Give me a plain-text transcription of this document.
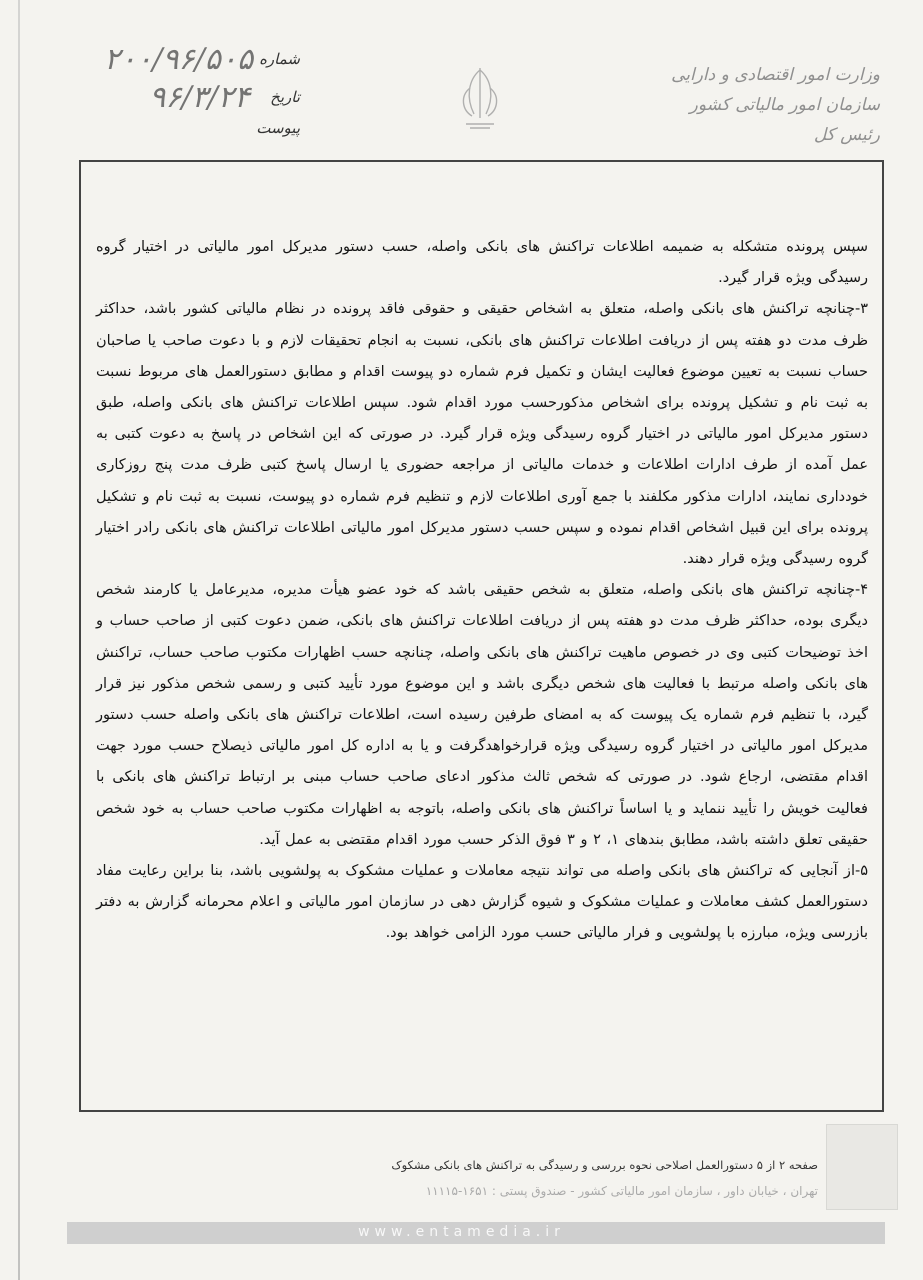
شماره
۲۰۰/۹۶/۵۰۵
تاریخ
۹۶/۳/۲۴
پیوست
وزارت امور اقتصادی و دارایی
سازمان امور مالیاتی کشور
رئیس کل

سپس پرونده متشکله به ضمیمه اطلاعات تراکنش های بانکی واصله، حسب دستور مدیرکل امور مالیاتی در اختیار گروه رسیدگی ویژه قرار گیرد.

۳-چنانچه تراکنش های بانکی واصله، متعلق به اشخاص حقیقی و حقوقی فاقد پرونده در نظام مالیاتی کشور باشد، حداکثر ظرف مدت دو هفته پس از دریافت اطلاعات تراکنش های بانکی، نسبت به انجام تحقیقات لازم و با دعوت صاحب یا صاحبان حساب نسبت به تعیین موضوع فعالیت ایشان و تکمیل فرم شماره دو پیوست اقدام و مطابق دستورالعمل های مربوط نسبت به ثبت نام و تشکیل پرونده برای اشخاص مذکورحسب مورد اقدام شود. سپس اطلاعات تراکنش های بانکی واصله، طبق دستور مدیرکل امور مالیاتی در اختیار گروه رسیدگی ویژه قرار گیرد. در صورتی که این اشخاص در پاسخ به دعوت کتبی به عمل آمده از طرف ادارات اطلاعات و خدمات مالیاتی از مراجعه حضوری یا ارسال پاسخ کتبی ظرف مدت پنج روزکاری خودداری نمایند، ادارات مذکور مکلفند با جمع آوری اطلاعات لازم و تنظیم فرم شماره دو پیوست، نسبت به ثبت نام و تشکیل پرونده برای این قبیل اشخاص اقدام نموده و سپس حسب دستور مدیرکل امور مالیاتی اطلاعات تراکنش های بانکی رادر اختیار گروه رسیدگی ویژه قرار دهند.

۴-چنانچه تراکنش های بانکی واصله، متعلق به شخص حقیقی باشد که خود عضو هیأت مدیره، مدیرعامل یا کارمند شخص دیگری بوده، حداکثر ظرف مدت دو هفته پس از دریافت اطلاعات تراکنش های بانکی، ضمن دعوت کتبی از صاحب حساب و اخذ توضیحات کتبی وی در خصوص ماهیت تراکنش های بانکی واصله، چنانچه حسب اظهارات مکتوب صاحب حساب، تراکنش های بانکی واصله مرتبط با فعالیت های شخص دیگری باشد و این موضوع مورد تأیید کتبی و رسمی شخص مذکور نیز قرار گیرد، با تنظیم فرم شماره یک پیوست که به امضای طرفین رسیده است، اطلاعات تراکنش های بانکی واصله حسب دستور مدیرکل امور مالیاتی در اختیار گروه رسیدگی ویژه قرارخواهدگرفت و یا به اداره کل امور مالیاتی ذیصلاح حسب مورد جهت اقدام مقتضی، ارجاع شود. در صورتی که شخص ثالث مذکور ادعای صاحب حساب مبنی بر ارتباط تراکنش های بانکی با فعالیت خویش را تأیید ننماید و یا اساساً تراکنش های بانکی واصله، باتوجه به اظهارات مکتوب صاحب حساب به خود شخص حقیقی تعلق داشته باشد، مطابق بندهای ۱، ۲ و ۳ فوق الذکر حسب مورد اقدام مقتضی به عمل آید.

۵-از آنجایی که تراکنش های بانکی واصله می تواند نتیجه معاملات و عملیات مشکوک به پولشویی باشد، بنا براین رعایت مفاد دستورالعمل کشف معاملات و عملیات مشکوک و شیوه گزارش دهی در سازمان امور مالیاتی و اعلام محرمانه گزارش به دفتر بازرسی ویژه، مبارزه با پولشویی و فرار مالیاتی حسب مورد الزامی خواهد بود.

صفحه ۲ از ۵ دستورالعمل اصلاحی نحوه بررسی و رسیدگی به تراکنش های بانکی مشکوک
تهران ، خیابان داور ، سازمان امور مالیاتی کشور - صندوق پستی : ۱۶۵۱-۱۱۱۱۵
www.entamedia.ir
